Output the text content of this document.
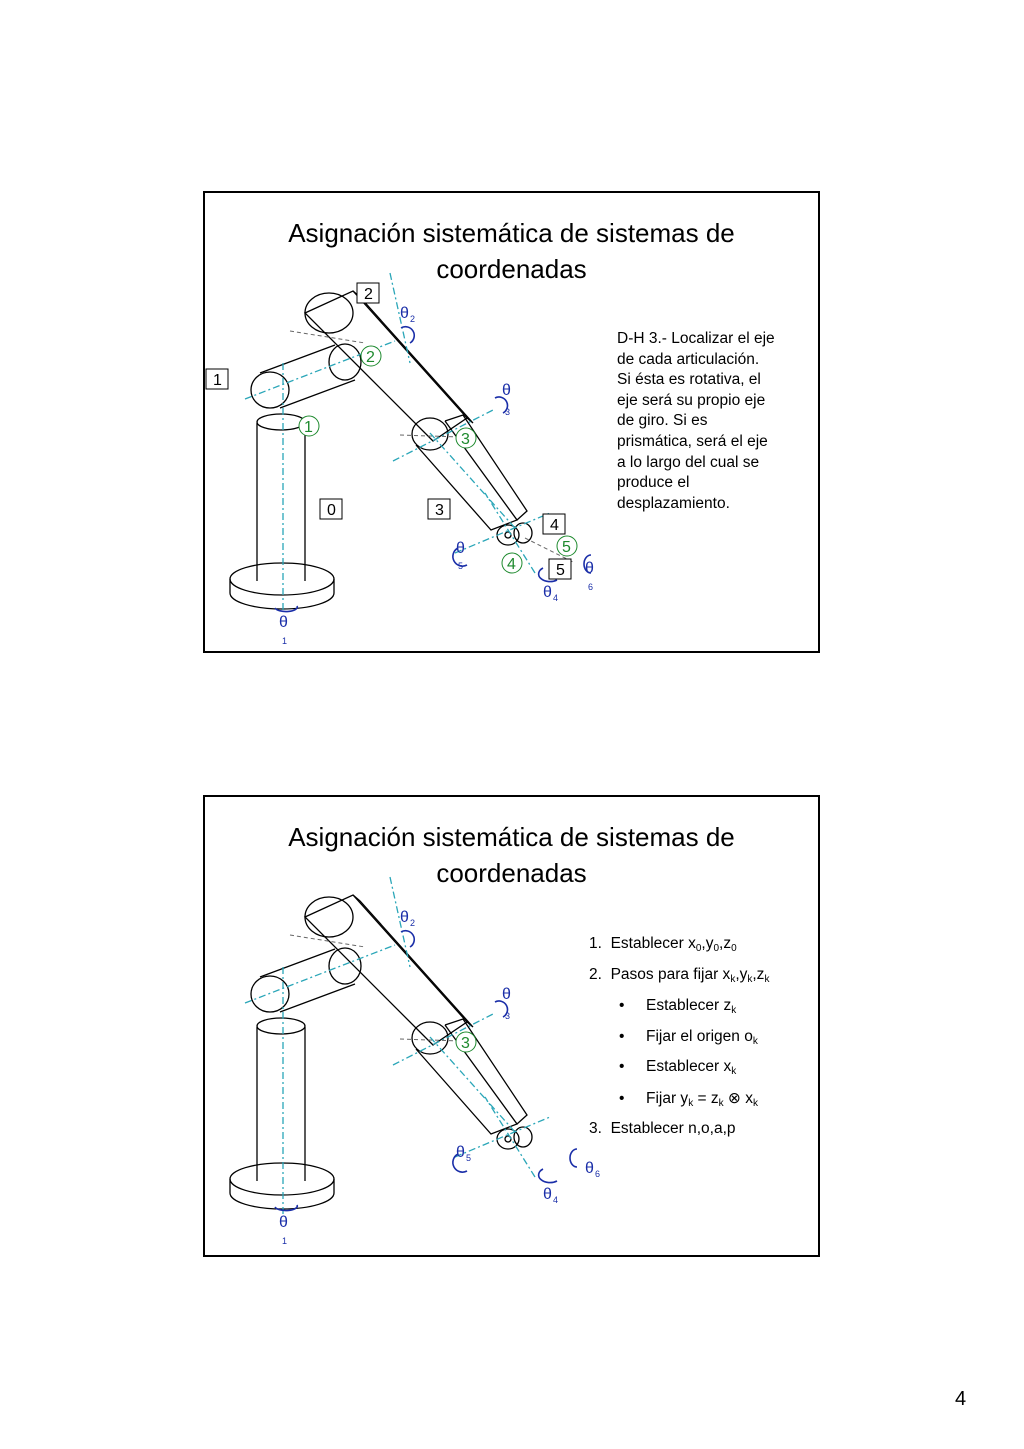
Asignación sistemática de sistemas de
coordenadas
1
2
0	3
4
5
1
2
3
4
5
θ 2
θ
3
θ
5
θ 4
θ
6
θ
1
D-H 3.- Localizar el eje
de cada articulación.
Si ésta es rotativa, el
eje será su propio eje
de giro. Si es
prismática, será el eje
a lo largo del cual se
produce el
desplazamiento.
Asignación sistemática de sistemas de
coordenadas
3
θ 2
θ
3
θ 5
θ 4
θ 6
θ
1
1. Establecer $x_0,y_0,z_0$
2. Pasos para fijar $x_k,y_k,z_k$
• Establecer $z_k$
• Fijar el origen $o_k$
• Establecer $x_k$
• Fijar $y_k = z_k$ ⊗ $x_k$
3. Establecer n,o,a,p
4
